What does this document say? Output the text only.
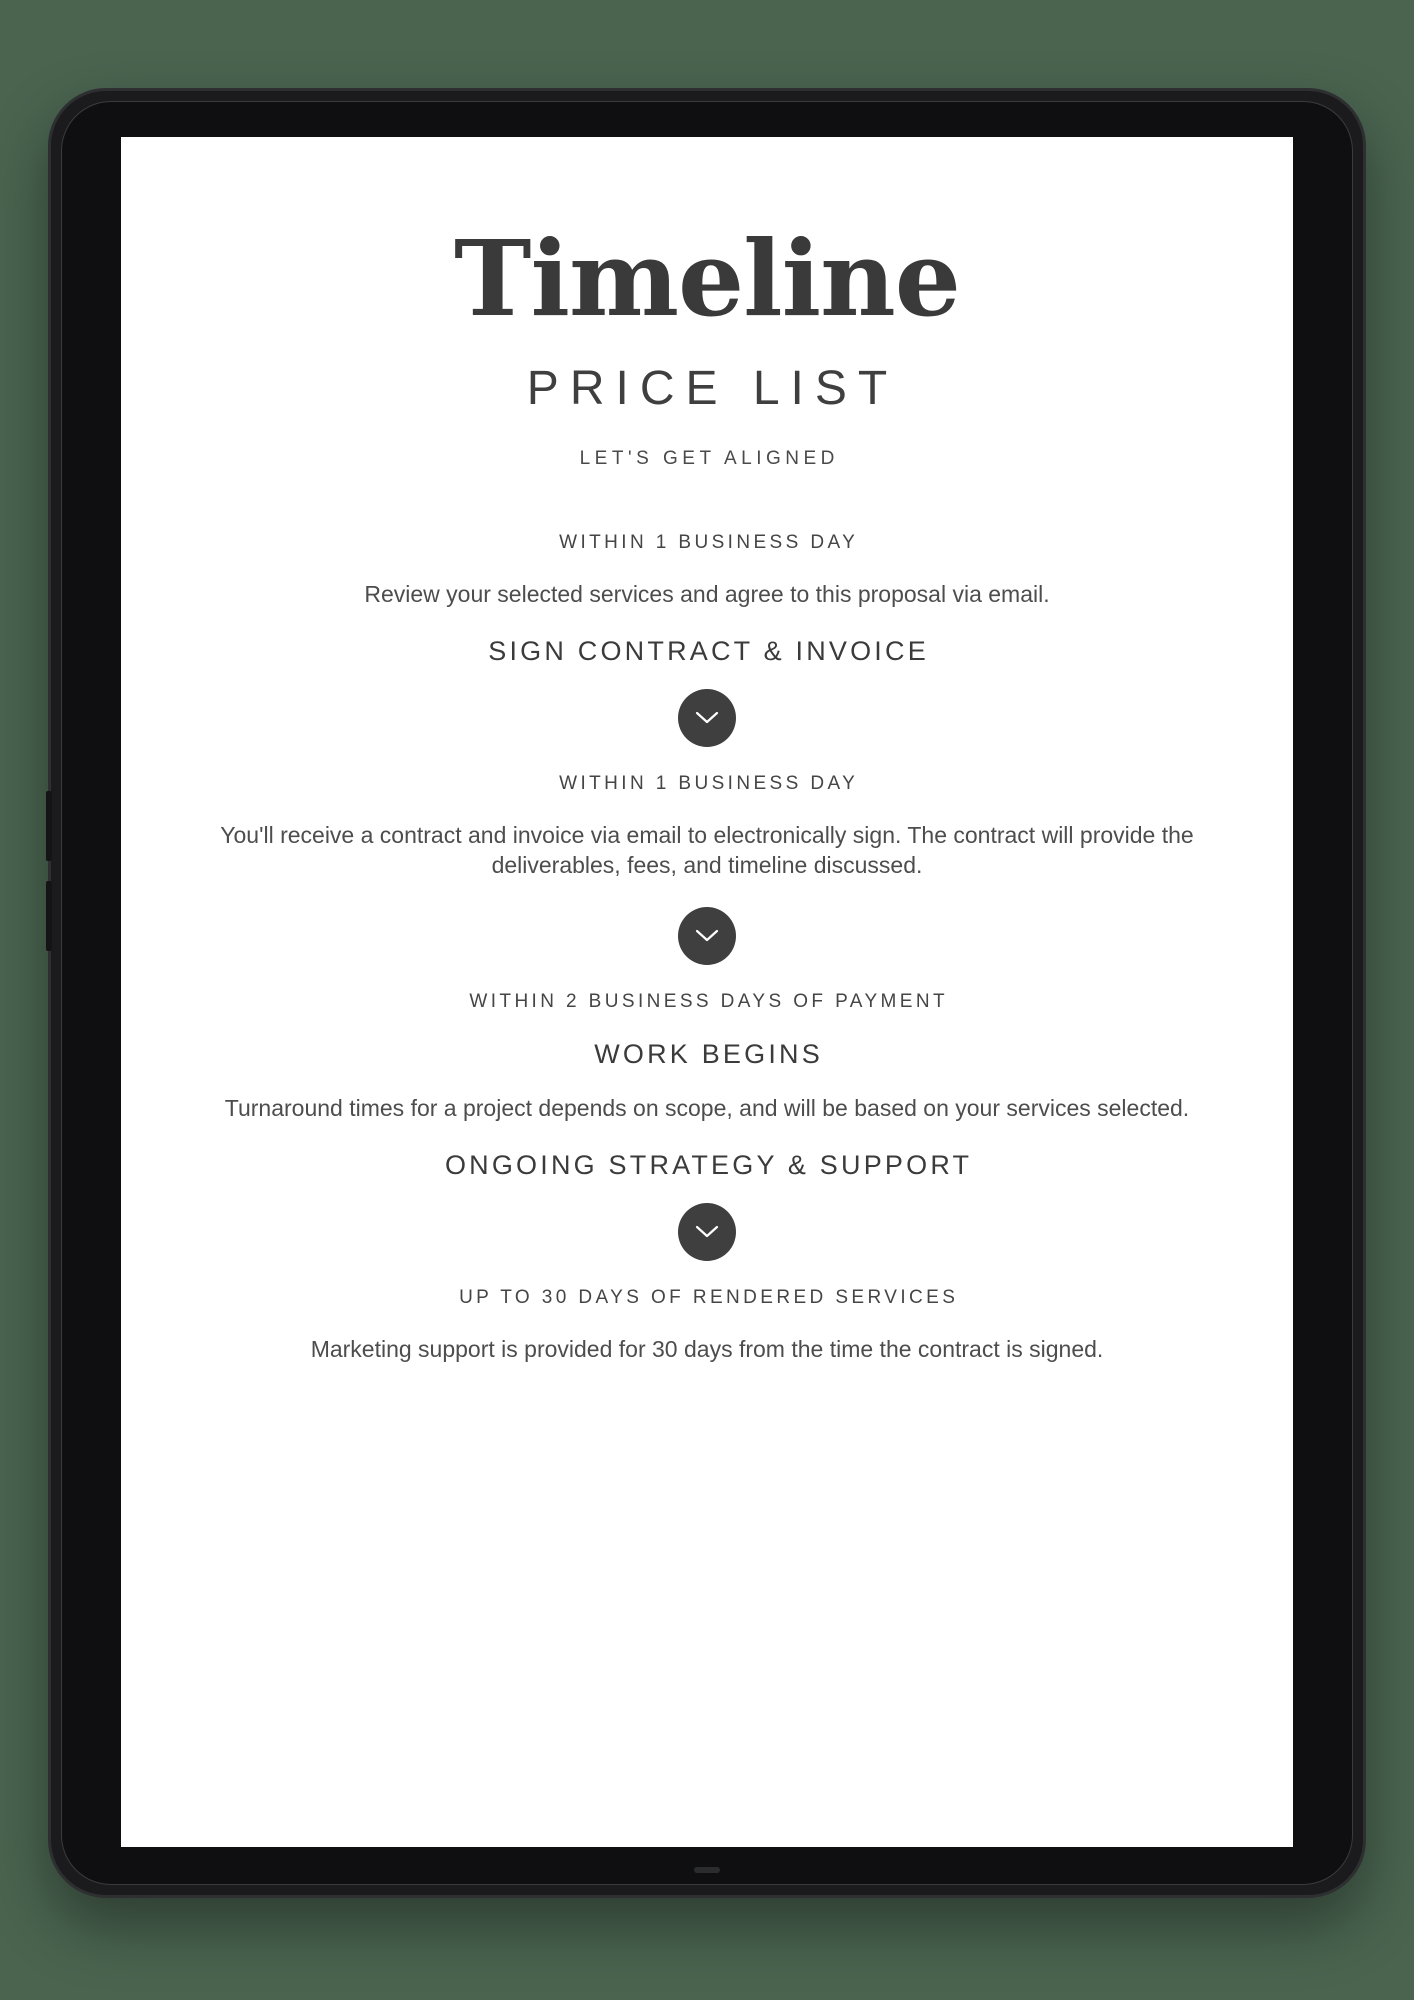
Timeline
PRICE LIST
LET'S GET ALIGNED
WITHIN 1 BUSINESS DAY

Review your selected services and agree to this proposal via email.

SIGN CONTRACT & INVOICE
WITHIN 1 BUSINESS DAY

You'll receive a contract and invoice via email to electronically sign. The contract will provide the deliverables, fees, and timeline discussed.

WITHIN 2 BUSINESS DAYS OF PAYMENT
WORK BEGINS

Turnaround times for a project depends on scope, and will be based on your services selected.

ONGOING STRATEGY & SUPPORT
UP TO 30 DAYS OF RENDERED SERVICES

Marketing support is provided for 30 days from the time the contract is signed.

··
